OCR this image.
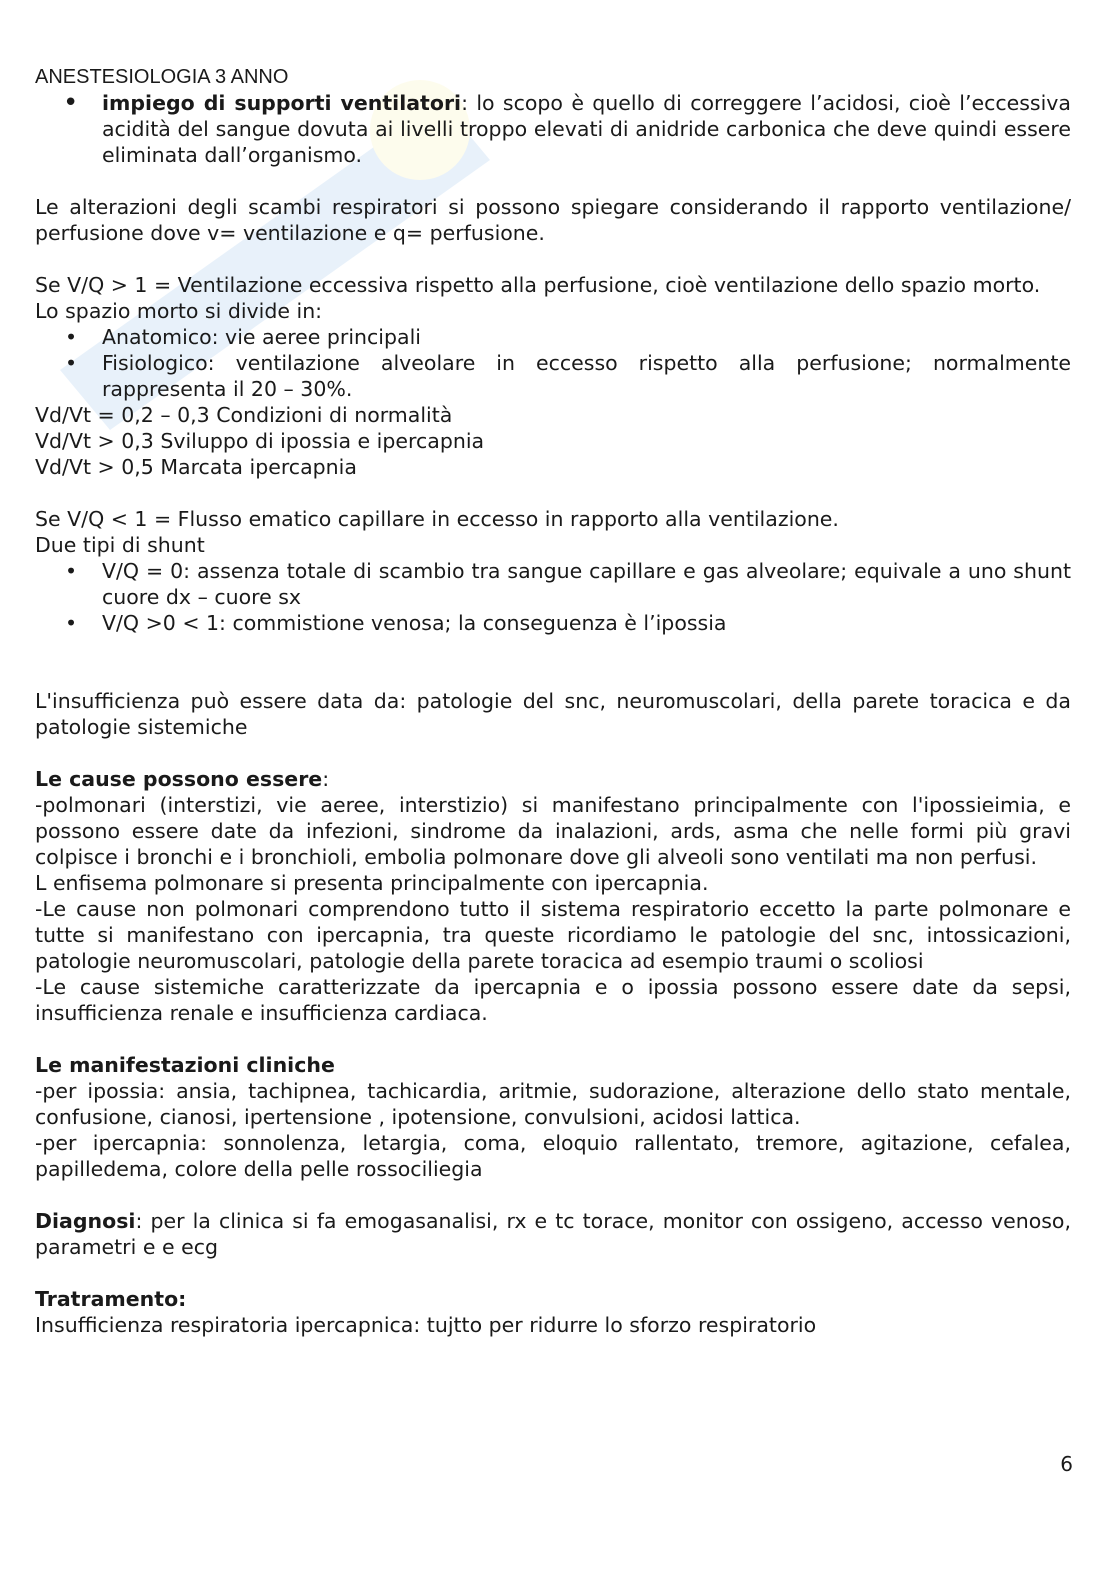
ANESTESIOLOGIA 3 ANNO
• impiego di supporti ventilatori: lo scopo è quello di correggere l’acidosi, cioè l’eccessiva acidità del sangue dovuta ai livelli troppo elevati di anidride carbonica che deve quindi essere eliminata dall’organismo.

Le alterazioni degli scambi respiratori si possono spiegare considerando il rapporto ventilazione/ perfusione dove v= ventilazione e q= perfusione.

Se V/Q > 1 = Ventilazione eccessiva rispetto alla perfusione, cioè ventilazione dello spazio morto.

Lo spazio morto si divide in:

• Anatomico: vie aeree principali
• Fisiologico: ventilazione alveolare in eccesso rispetto alla perfusione; normalmente rappresenta il 20 – 30%.

Vd/Vt = 0,2 – 0,3 Condizioni di normalità

Vd/Vt > 0,3 Sviluppo di ipossia e ipercapnia

Vd/Vt > 0,5 Marcata ipercapnia

Se V/Q < 1 = Flusso ematico capillare in eccesso in rapporto alla ventilazione.

Due tipi di shunt

• V/Q = 0: assenza totale di scambio tra sangue capillare e gas alveolare; equivale a uno shunt cuore dx – cuore sx
• V/Q >0 < 1: commistione venosa; la conseguenza è l’ipossia

L'insufficienza può essere data da: patologie del snc, neuromuscolari, della parete toracica e da patologie sistemiche

Le cause possono essere:

-polmonari (interstizi, vie aeree, interstizio) si manifestano principalmente con l'ipossieimia, e possono essere date da infezioni, sindrome da inalazioni, ards, asma che nelle formi più gravi colpisce i bronchi e i bronchioli, embolia polmonare dove gli alveoli sono ventilati ma non perfusi.

L enfisema polmonare si presenta principalmente con ipercapnia.

-Le cause non polmonari comprendono tutto il sistema respiratorio eccetto la parte polmonare e tutte si manifestano con ipercapnia, tra queste ricordiamo le patologie del snc, intossicazioni, patologie neuromuscolari, patologie della parete toracica ad esempio traumi o scoliosi

-Le cause sistemiche caratterizzate da ipercapnia e o ipossia possono essere date da sepsi, insufficienza renale e insufficienza cardiaca.

Le manifestazioni cliniche

-per ipossia: ansia, tachipnea, tachicardia, aritmie, sudorazione, alterazione dello stato mentale, confusione, cianosi, ipertensione , ipotensione, convulsioni, acidosi lattica.

-per ipercapnia: sonnolenza, letargia, coma, eloquio rallentato, tremore, agitazione, cefalea, papilledema, colore della pelle rossociliegia

Diagnosi: per la clinica si fa emogasanalisi, rx e tc torace, monitor con ossigeno, accesso venoso, parametri e e ecg

Tratramento:

Insufficienza respiratoria ipercapnica: tujtto per ridurre lo sforzo respiratorio

6
